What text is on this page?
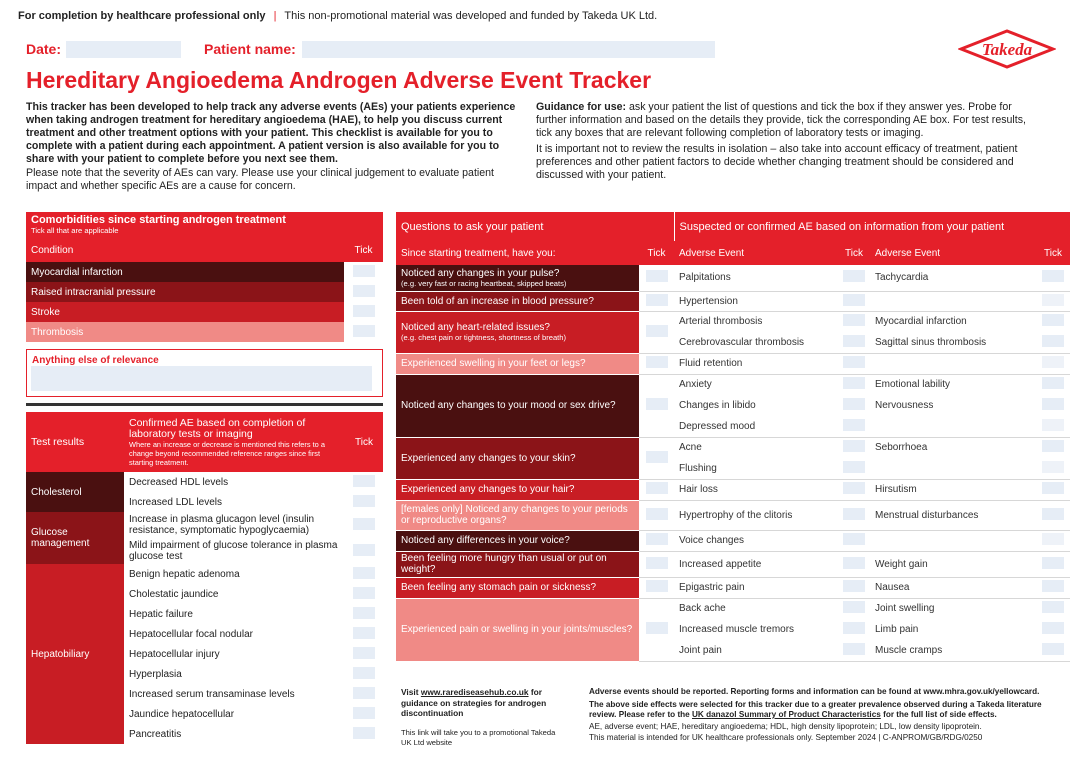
For completion by healthcare professional only | This non-promotional material was developed and funded by Takeda UK Ltd.
Date:	Patient name:	Takeda
Hereditary Angioedema Androgen Adverse Event Tracker

This tracker has been developed to help track any adverse events (AEs) your patients experience when taking androgen treatment for hereditary angioedema (HAE), to help you discuss current treatment and other treatment options with your patient. This checklist is available for you to complete with a patient during each appointment. A patient version is also available for you to share with your patient to complete before you next see them.

Please note that the severity of AEs can vary. Please use your clinical judgement to evaluate patient impact and whether specific AEs are a cause for concern.

Guidance for use: ask your patient the list of questions and tick the box if they answer yes. Probe for further information and based on the details they provide, tick the corresponding AE box. For test results, tick any boxes that are relevant following completion of laboratory tests or imaging.

It is important not to review the results in isolation – also take into account efficacy of treatment, patient preferences and other patient factors to decide whether changing treatment should be considered and discussed with your patient.

Comorbidities since starting androgen treatment
Tick all that are applicable	

Condition	Tick
Myocardial infarction	
Raised intracranial pressure	
Stroke	
Thrombosis	
Anything else of relevance
Test results	Confirmed AE based on completion of laboratory tests or imaging
Where an increase or decrease is mentioned this refers to a change beyond recommended reference ranges since first starting treatment.	Tick
Cholesterol	Decreased HDL levels	
	Increased LDL levels	
Glucose management	Increase in plasma glucagon level (insulin resistance, symptomatic hypoglycaemia)	
	Mild impairment of glucose tolerance in plasma glucose test	
Hepatobiliary	Benign hepatic adenoma	
	Cholestatic jaundice	
	Hepatic failure	
	Hepatocellular focal nodular	
	Hepatocellular injury	
	Hyperplasia	
	Increased serum transaminase levels	
	Jaundice hepatocellular	
	Pancreatitis	
Questions to ask your patient		Suspected or confirmed AE based on information from your patient			
Since starting treatment, have you:	Tick	Adverse Event	Tick	Adverse Event	Tick

Noticed any changes in your pulse?
(e.g. very fast or racing heartbeat, skipped beats)		Palpitations		Tachycardia	

Been told of an increase in blood pressure?		Hypertension			

Noticed any heart-related issues?
(e.g. chest pain or tightness, shortness of breath)		Arterial thrombosis		Myocardial infarction	
		Cerebrovascular thrombosis		Sagittal sinus thrombosis	

Experienced swelling in your feet or legs?		Fluid retention			

Noticed any changes to your mood or sex drive?		Anxiety		Emotional lability	
		Changes in libido		Nervousness	
		Depressed mood			

Experienced any changes to your skin?		Acne		Seborrhoea	
		Flushing			

Experienced any changes to your hair?		Hair loss		Hirsutism	

[females only] Noticed any changes to your periods or reproductive organs?		Hypertrophy of the clitoris		Menstrual disturbances	

Noticed any differences in your voice?		Voice changes			

Been feeling more hungry than usual or put on weight?		Increased appetite		Weight gain	

Been feeling any stomach pain or sickness?		Epigastric pain		Nausea	

Experienced pain or swelling in your joints/muscles?		Back ache		Joint swelling	
		Increased muscle tremors		Limb pain	
		Joint pain		Muscle cramps	
Visit www.rarediseasehub.co.uk for guidance on strategies for androgen discontinuation
This link will take you to a promotional Takeda UK Ltd website
Adverse events should be reported. Reporting forms and information can be found at www.mhra.gov.uk/yellowcard.
The above side effects were selected for this tracker due to a greater prevalence observed during a Takeda literature review. Please refer to the UK danazol Summary of Product Characteristics for the full list of side effects.
AE, adverse event; HAE, hereditary angioedema; HDL, high density lipoprotein; LDL, low density lipoprotein.
This material is intended for UK healthcare professionals only. September 2024 | C-ANPROM/GB/RDG/0250
